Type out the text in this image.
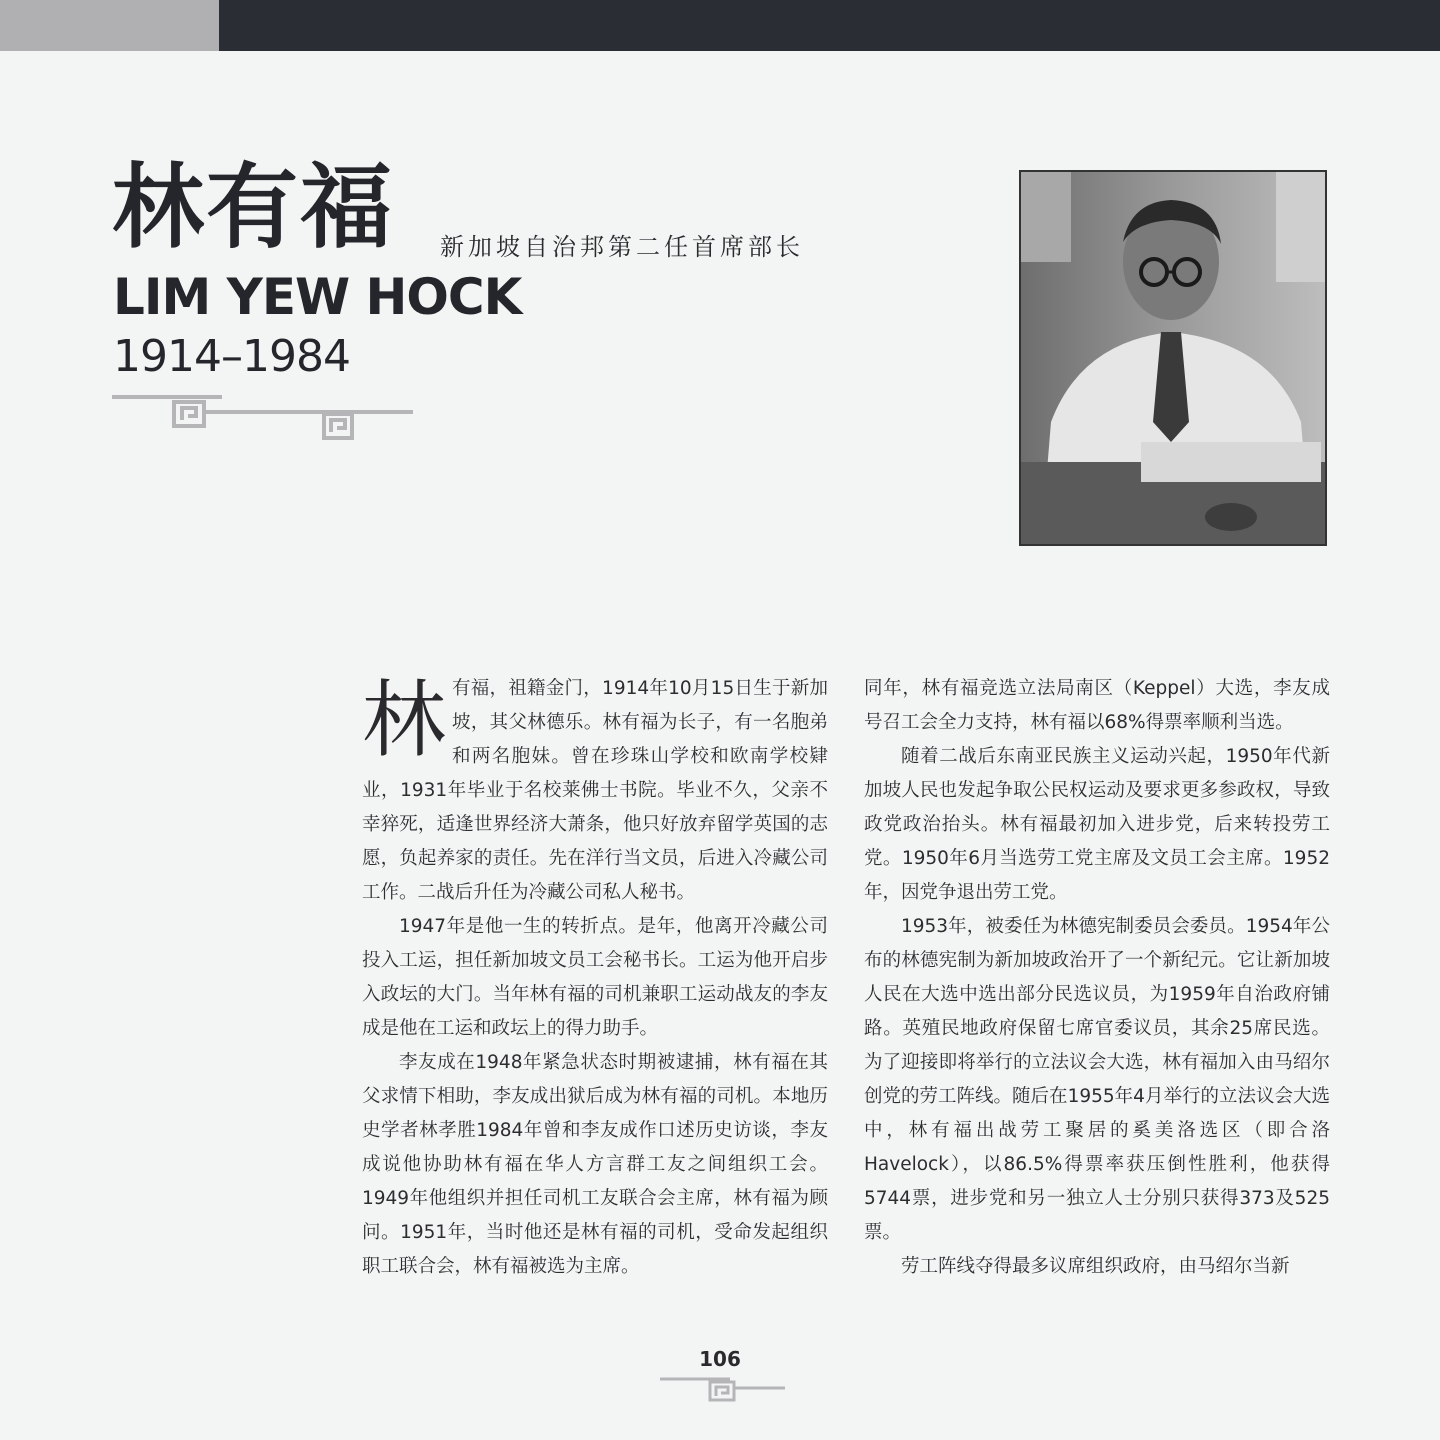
林有福 新加坡自治邦第二任首席部长
LIM YEW HOCK
1914–1984
林 有福，祖籍金门，1914年10月15日生于新加坡，其父林德乐。林有福为长子，有一名胞弟和两名胞妹。曾在珍珠山学校和欧南学校肄业，1931年毕业于名校莱佛士书院。毕业不久，父亲不幸猝死，适逢世界经济大萧条，他只好放弃留学英国的志愿，负起养家的责任。先在洋行当文员，后进入冷藏公司工作。二战后升任为冷藏公司私人秘书。

1947年是他一生的转折点。是年，他离开冷藏公司投入工运，担任新加坡文员工会秘书长。工运为他开启步入政坛的大门。当年林有福的司机兼职工运动战友的李友成是他在工运和政坛上的得力助手。

李友成在1948年紧急状态时期被逮捕，林有福在其父求情下相助，李友成出狱后成为林有福的司机。本地历史学者林孝胜1984年曾和李友成作口述历史访谈，李友成说他协助林有福在华人方言群工友之间组织工会。1949年他组织并担任司机工友联合会主席，林有福为顾问。1951年，当时他还是林有福的司机，受命发起组织职工联合会，林有福被选为主席。

同年，林有福竞选立法局南区（Keppel）大选，李友成号召工会全力支持，林有福以68%得票率顺利当选。

随着二战后东南亚民族主义运动兴起，1950年代新加坡人民也发起争取公民权运动及要求更多参政权，导致政党政治抬头。林有福最初加入进步党，后来转投劳工党。1950年6月当选劳工党主席及文员工会主席。1952年，因党争退出劳工党。

1953年，被委任为林德宪制委员会委员。1954年公布的林德宪制为新加坡政治开了一个新纪元。它让新加坡人民在大选中选出部分民选议员，为1959年自治政府铺路。英殖民地政府保留七席官委议员，其余25席民选。为了迎接即将举行的立法议会大选，林有福加入由马绍尔创党的劳工阵线。随后在1955年4月举行的立法议会大选中，林有福出战劳工聚居的奚美洛选区（即合洛Havelock），以86.5%得票率获压倒性胜利，他获得5744票，进步党和另一独立人士分别只获得373及525票。

劳工阵线夺得最多议席组织政府，由马绍尔当新

106
